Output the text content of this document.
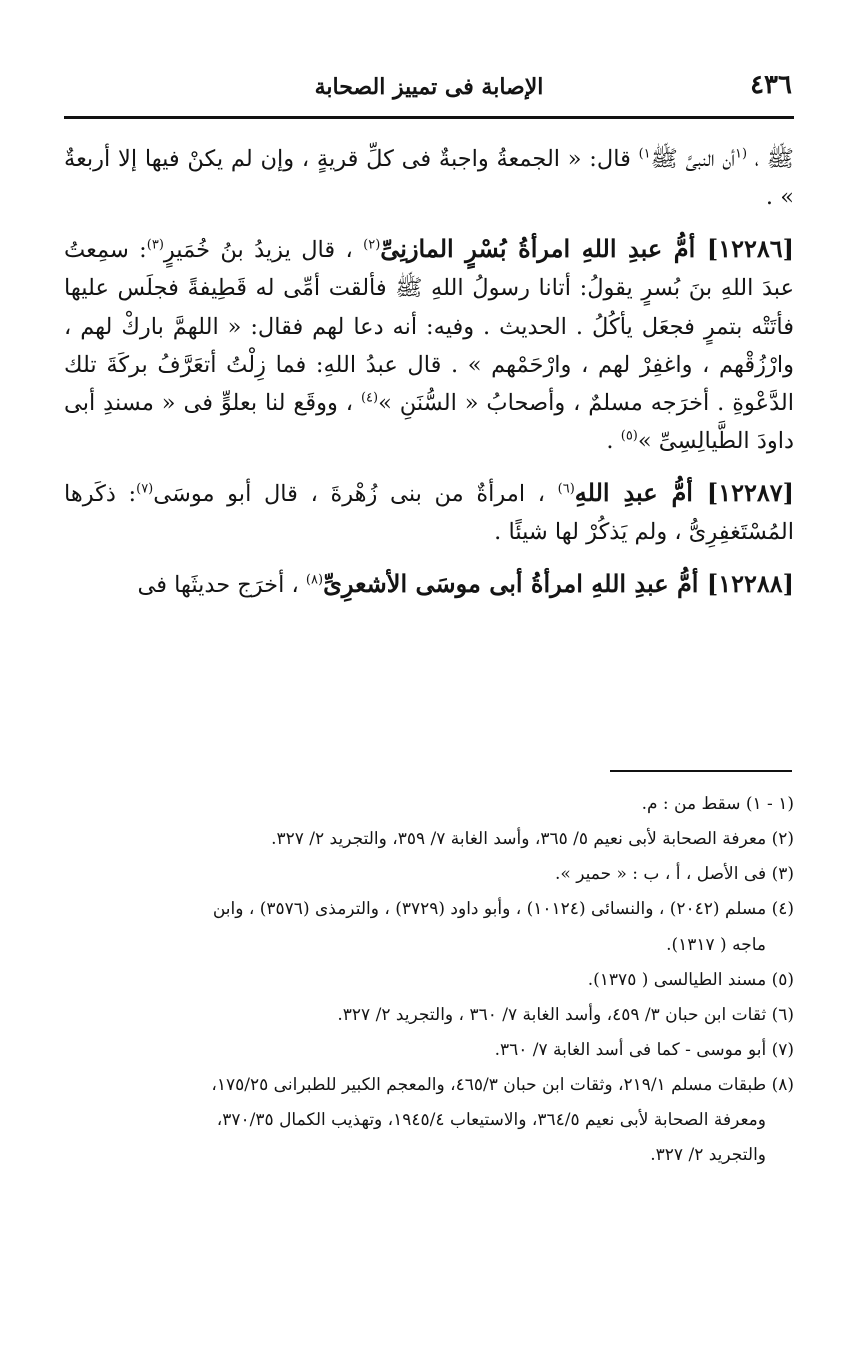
٤٣٦
الإصابة فى تمييز الصحابة

ﷺ ، $^{(١}$أن النبىَّ ﷺ$^{١)}$ قال: « الجمعةُ واجبةٌ فى كلِّ قريةٍ ، وإن لم يكنْ فيها إلا أربعةٌ » .

[١٢٢٨٦] أمُّ عبدِ اللهِ امرأةُ بُسْرٍ المازنِىِّ$^{(٢)}$ ، قال يزيدُ بنُ خُمَيرٍ$^{(٣)}$: سمِعتُ عبدَ اللهِ بنَ بُسرٍ يقولُ: أتانا رسولُ اللهِ ﷺ فألقت أمِّى له قَطِيفةً فجلَس عليها فأتَتْه بتمرٍ فجعَل يأكُلُ . الحديث . وفيه: أنه دعا لهم فقال: « اللهمَّ باركْ لهم ، وارْزُقْهم ، واغفِرْ لهم ، وارْحَمْهم » . قال عبدُ اللهِ: فما زِلْتُ أتعَرَّفُ بركَةَ تلك الدَّعْوةِ . أخرَجه مسلمٌ ، وأصحابُ « السُّنَنِ »$^{(٤)}$ ، ووقَع لنا بعلوٍّ فى « مسندِ أبى داودَ الطَّيالِسِىِّ »$^{(٥)}$ .

[١٢٢٨٧] أمُّ عبدِ اللهِ$^{(٦)}$ ، امرأةٌ من بنى زُهْرةَ ، قال أبو موسَى$^{(٧)}$: ذكَرها المُسْتَغفِرِىُّ ، ولم يَذكُرْ لها شيئًا .

[١٢٢٨٨] أمُّ عبدِ اللهِ امرأةُ أبى موسَى الأشعرِىِّ$^{(٨)}$ ، أخرَج حديثَها فى

(١ - ١) سقط من : م.
(٢) معرفة الصحابة لأبى نعيم ٥/ ٣٦٥، وأسد الغابة ٧/ ٣٥٩، والتجريد ٢/ ٣٢٧.
(٣) فى الأصل ، أ ، ب : « حمير ».
(٤) مسلم (٢٠٤٢) ، والنسائى (١٠١٢٤) ، وأبو داود (٣٧٢٩) ، والترمذى (٣٥٧٦) ، وابن
ماجه ( ١٣١٧).
(٥) مسند الطيالسى ( ١٣٧٥).
(٦) ثقات ابن حبان ٣/ ٤٥٩، وأسد الغابة ٧/ ٣٦٠ ، والتجريد ٢/ ٣٢٧.
(٧) أبو موسى - كما فى أسد الغابة ٧/ ٣٦٠.
(٨) طبقات مسلم ٢١٩/١، وثقات ابن حبان ٤٦٥/٣، والمعجم الكبير للطبرانى ١٧٥/٢٥،
ومعرفة الصحابة لأبى نعيم ٣٦٤/٥، والاستيعاب ١٩٤٥/٤، وتهذيب الكمال ٣٧٠/٣٥،
والتجريد ٢/ ٣٢٧.
